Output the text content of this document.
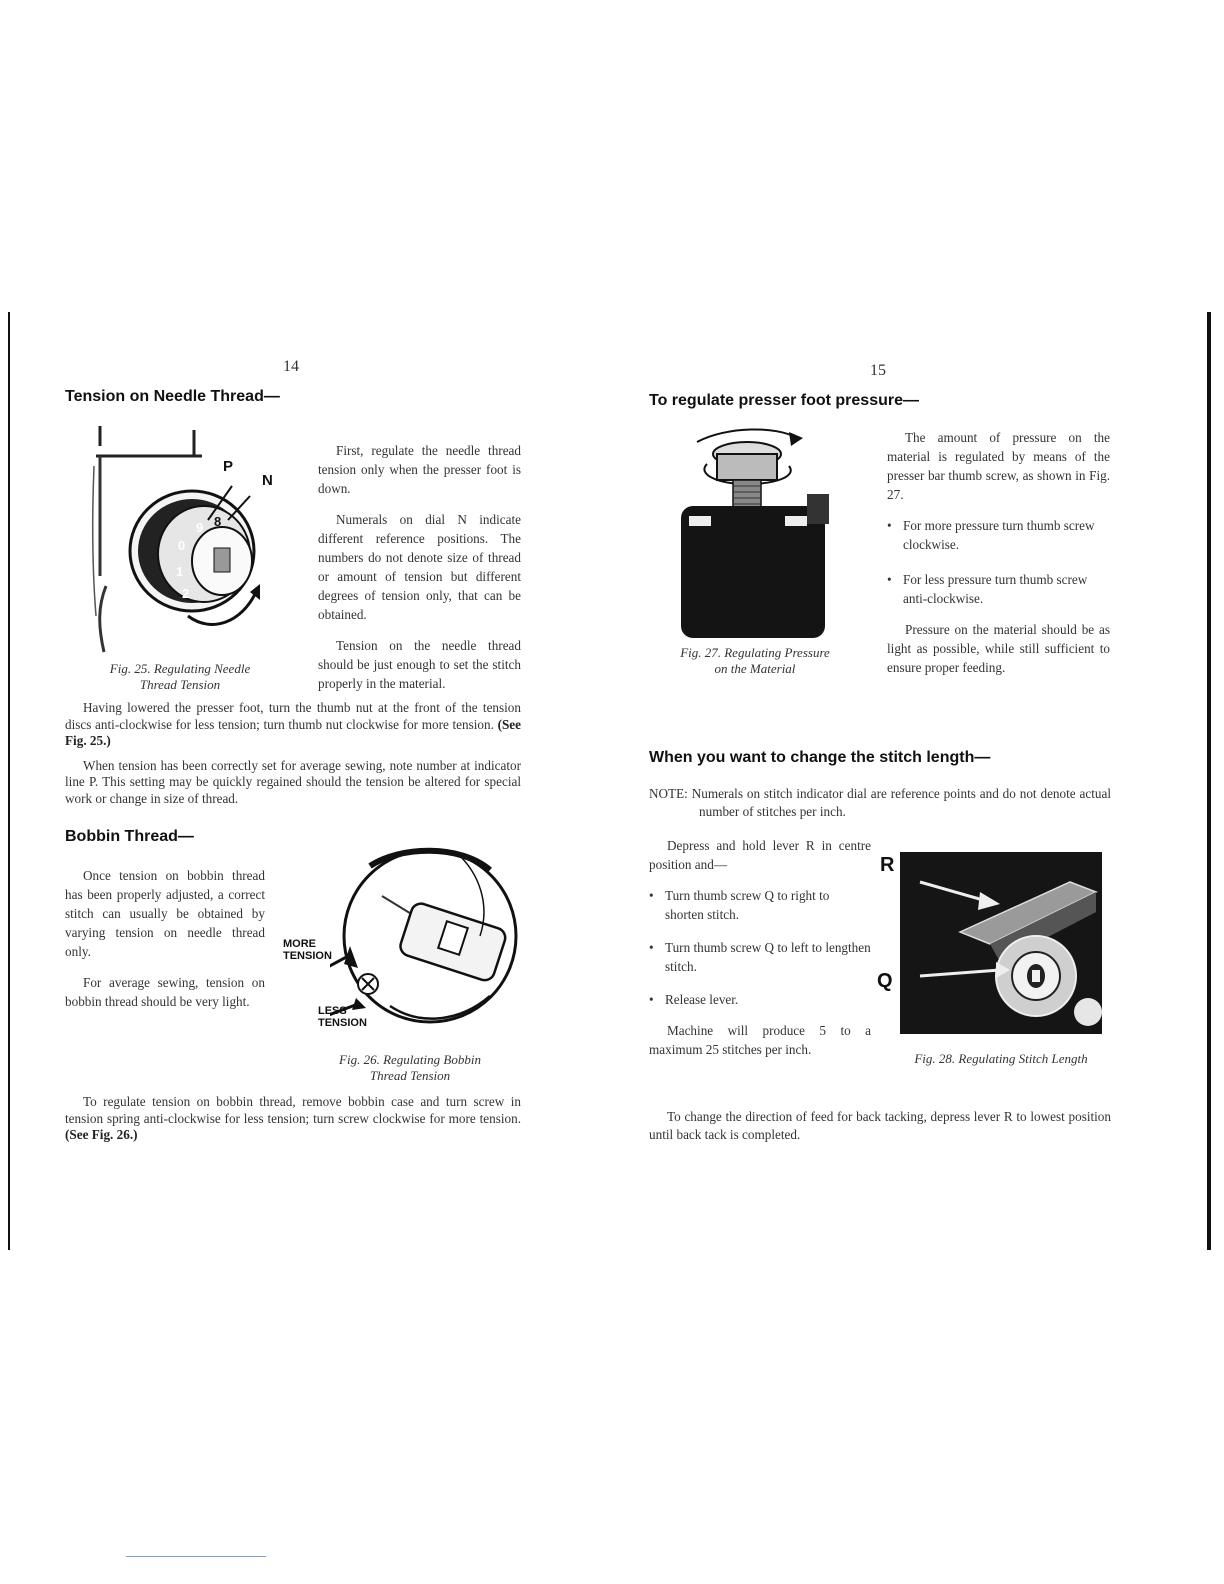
14
Tension on Needle Thread—
9 8
0
1
2
P
N

First, regulate the needle thread tension only when the presser foot is down.

Numerals on dial N indicate different reference positions. The numbers do not denote size of thread or amount of tension but different degrees of tension only, that can be obtained.

Tension on the needle thread should be just enough to set the stitch properly in the material.

Fig. 25. Regulating Needle
Thread Tension

Having lowered the presser foot, turn the thumb nut at the front of the tension discs anti-clockwise for less tension; turn thumb nut clockwise for more tension. (See Fig. 25.)

When tension has been correctly set for average sewing, note number at indicator line P. This setting may be quickly regained should the tension be altered for special work or change in size of thread.

Bobbin Thread—

Once tension on bobbin thread has been properly adjusted, a correct stitch can usually be obtained by varying tension on needle thread only.

For average sewing, tension on bobbin thread should be very light.

MORE
TENSION
LESS
TENSION
Fig. 26. Regulating Bobbin
Thread Tension

To regulate tension on bobbin thread, remove bobbin case and turn screw in tension spring anti-clockwise for less tension; turn screw clockwise for more tension. (See Fig. 26.)

15
To regulate presser foot pressure—

The amount of pressure on the material is regulated by means of the presser bar thumb screw, as shown in Fig. 27.

• For more pressure turn thumb screw clockwise.
• For less pressure turn thumb screw anti-clockwise.

Pressure on the material should be as light as possible, while still sufficient to ensure proper feeding.

Fig. 27. Regulating Pressure
on the Material
When you want to change the stitch length—

NOTE: Numerals on stitch indicator dial are reference points and do not denote actual number of stitches per inch.

Depress and hold lever R in centre position and—

• Turn thumb screw Q to right to shorten stitch.
• Turn thumb screw Q to left to lengthen stitch.
• Release lever.

Machine will produce 5 to a maximum 25 stitches per inch.

R
Q
Fig. 28. Regulating Stitch Length

To change the direction of feed for back tacking, depress lever R to lowest position until back tack is completed.
